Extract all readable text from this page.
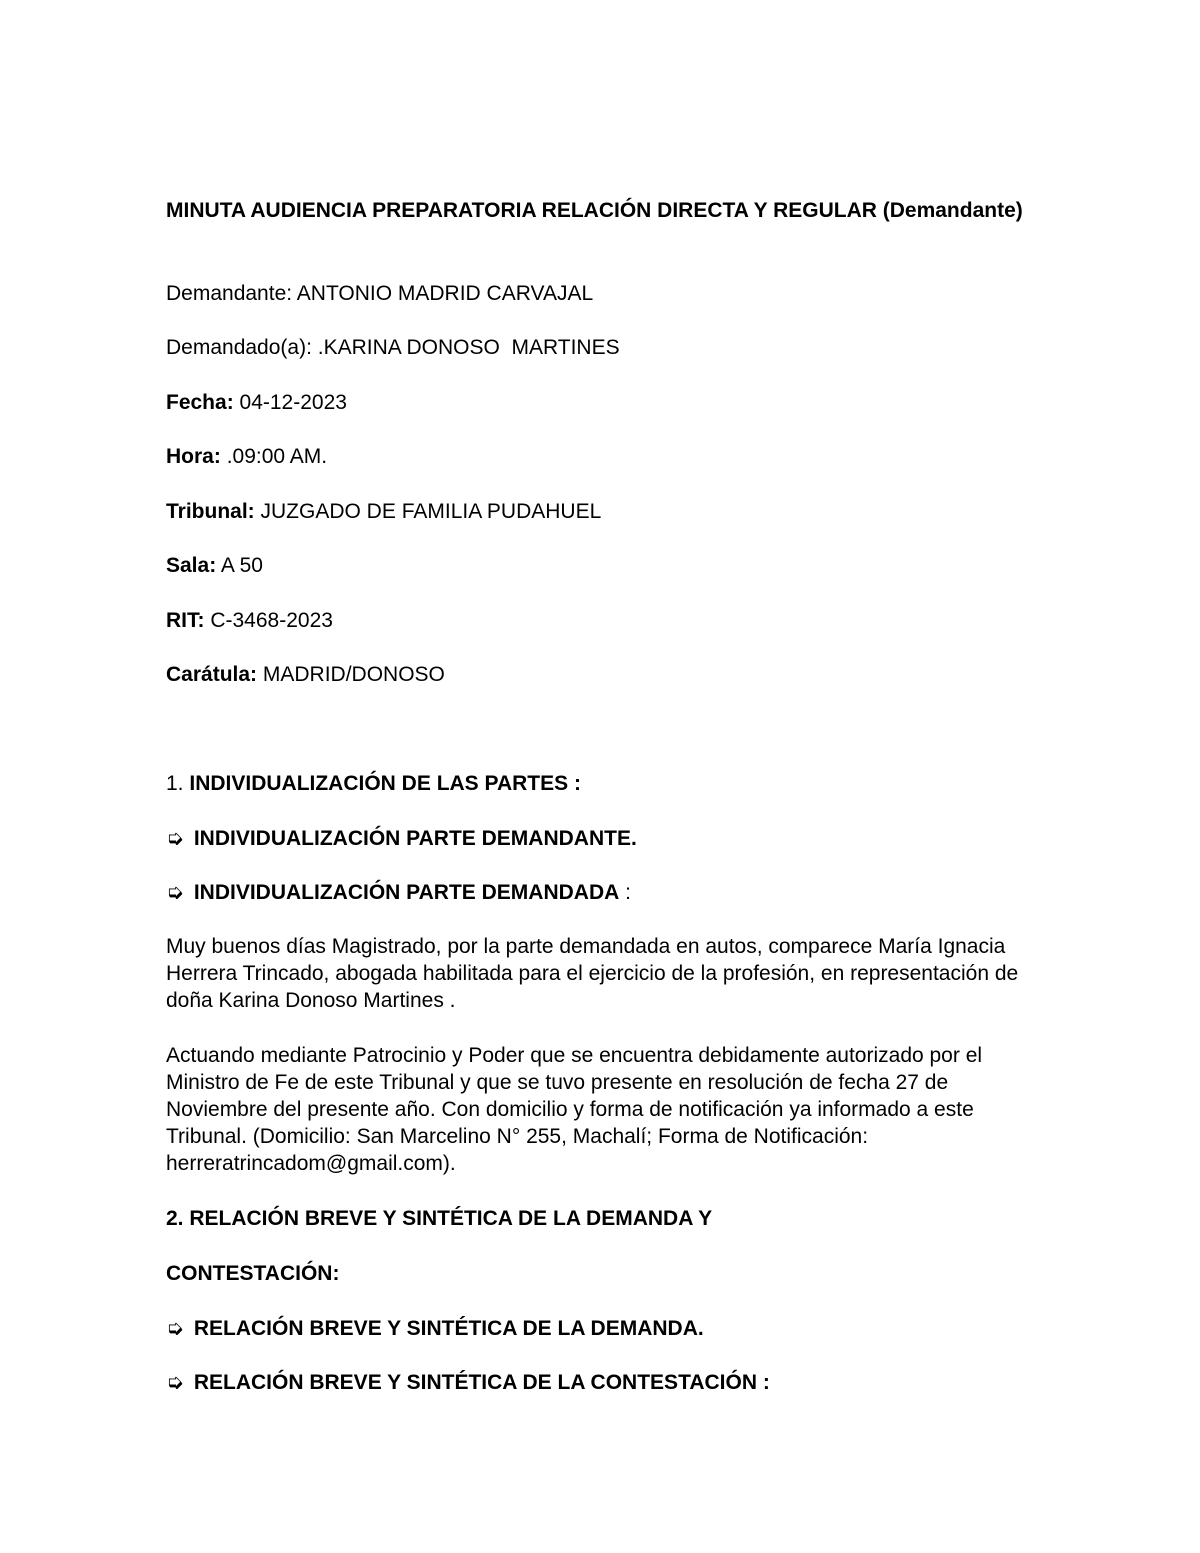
MINUTA AUDIENCIA PREPARATORIA RELACIÓN DIRECTA Y REGULAR (Demandante)
Demandante: ANTONIO MADRID CARVAJAL
Demandado(a): .KARINA DONOSO  MARTINES
Fecha: 04-12-2023
Hora: .09:00 AM.
Tribunal: JUZGADO DE FAMILIA PUDAHUEL
Sala: A 50
RIT: C-3468-2023
Carátula: MADRID/DONOSO
1. INDIVIDUALIZACIÓN DE LAS PARTES :
➭ INDIVIDUALIZACIÓN PARTE DEMANDANTE.
➭ INDIVIDUALIZACIÓN PARTE DEMANDADA :
Muy buenos días Magistrado, por la parte demandada en autos, comparece María Ignacia Herrera Trincado, abogada habilitada para el ejercicio de la profesión, en representación de doña Karina Donoso Martines .
Actuando mediante Patrocinio y Poder que se encuentra debidamente autorizado por el Ministro de Fe de este Tribunal y que se tuvo presente en resolución de fecha 27 de Noviembre del presente año. Con domicilio y forma de notificación ya informado a este Tribunal. (Domicilio: San Marcelino N° 255, Machalí; Forma de Notificación: herreratrincadom@gmail.com).
2. RELACIÓN BREVE Y SINTÉTICA DE LA DEMANDA Y
CONTESTACIÓN:
➭ RELACIÓN BREVE Y SINTÉTICA DE LA DEMANDA.
➭ RELACIÓN BREVE Y SINTÉTICA DE LA CONTESTACIÓN :
